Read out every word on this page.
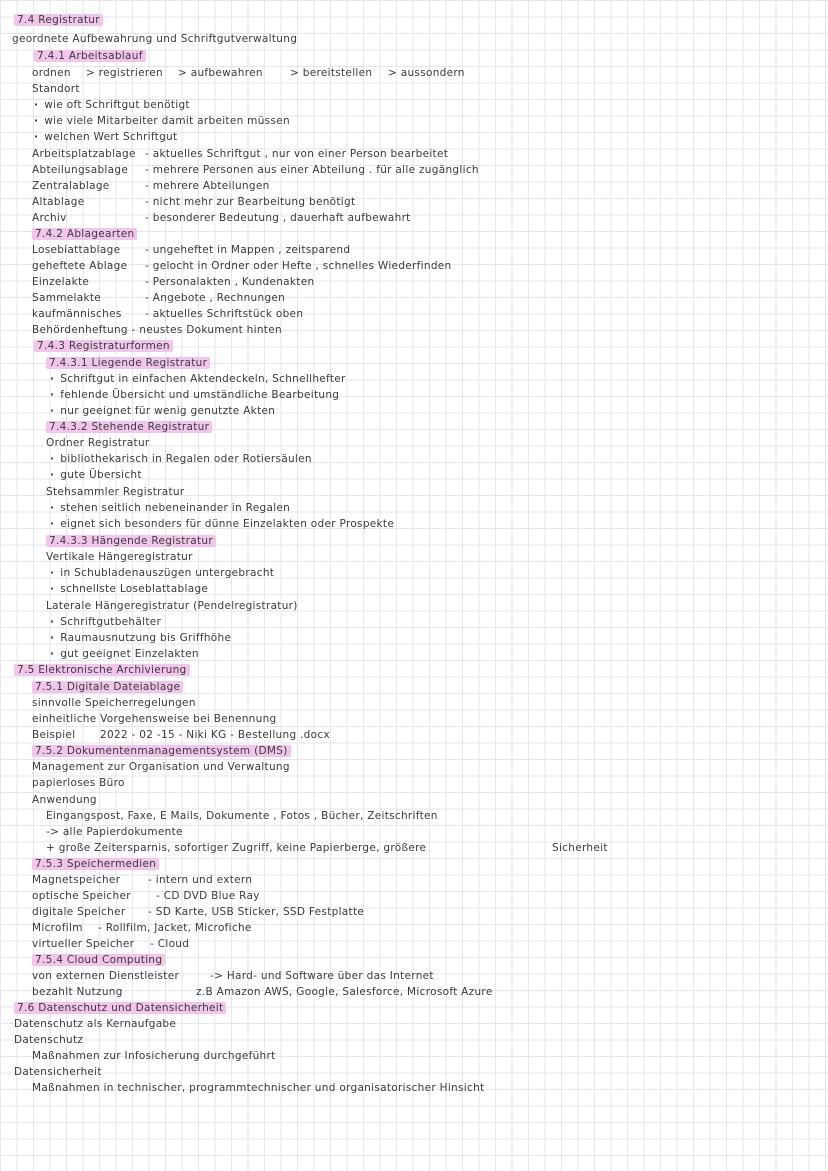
7.4 Registratur
geordnete Aufbewahrung und Schriftgutverwaltung
7.4.1 Arbeitsablauf
ordnen > registrieren > aufbewahren	> bereitstellen > aussondern
Standort
· wie oft Schriftgut benötigt
· wie viele Mitarbeiter damit arbeiten müssen
· welchen Wert Schriftgut
Arbeitsplatzablage - aktuelles Schriftgut , nur von einer Person bearbeitet
Abteilungsablage - mehrere Personen aus einer Abteilung . für alle zugänglich
Zentralablage	- mehrere Abteilungen
Altablage	- nicht mehr zur Bearbeitung benötigt
Archiv	- besonderer Bedeutung , dauerhaft aufbewahrt
7.4.2 Ablagearten
Losebiattablage - ungeheftet in Mappen , zeitsparend
geheftete Ablage - gelocht in Ordner oder Hefte , schnelles Wiederfinden
Einzelakte	- Personalakten , Kundenakten
Sammelakte	- Angebote , Rechnungen
kaufmännisches - aktuelles Schriftstück oben
Behördenheftung - neustes Dokument hinten
7.4.3 Registraturformen
7.4.3.1 Liegende Registratur
· Schriftgut in einfachen Aktendeckeln, Schnellhefter
· fehlende Übersicht und umständliche Bearbeitung
· nur geeignet für wenig genutzte Akten
7.4.3.2 Stehende Registratur
Ordner Registratur
· bibliothekarisch in Regalen oder Rotiersäulen
· gute Übersicht
Stehsammler Registratur
· stehen seitlich nebeneinander in Regalen
· eignet sich besonders für dünne Einzelakten oder Prospekte
7.4.3.3 Hängende Registratur
Vertikale Hängeregistratur
· in Schubladenauszügen untergebracht
· schnellste Loseblattablage
Laterale Hängeregistratur (Pendelregistratur)
· Schriftgutbehälter
· Raumausnutzung bis Griffhöhe
· gut geeignet Einzelakten
7.5 Elektronische Archivierung
7.5.1 Digitale Dateiablage
sinnvolle Speicherregelungen
einheitliche Vorgehensweise bei Benennung
Beispiel 2022 - 02 -15 - Niki KG - Bestellung .docx
7.5.2 Dokumentenmanagementsystem (DMS)
Management zur Organisation und Verwaltung
papierloses Büro
Anwendung
Eingangspost, Faxe, E Mails, Dokumente , Fotos , Bücher, Zeitschriften
-> alle Papierdokumente
+ große Zeitersparnis, sofortiger Zugriff, keine Papierberge, größere	Sicherheit
7.5.3 Speichermedien
Magnetspeicher	- intern und extern
optische Speicher - CD DVD Blue Ray
digitale Speicher - SD Karte, USB Sticker, SSD Festplatte
Microfilm - Rollfilm, Jacket, Microfiche
virtueller Speicher - Cloud
7.5.4 Cloud Computing
von externen Dienstleister	-> Hard- und Software über das Internet
bezahlt Nutzung	z.B Amazon AWS, Google, Salesforce, Microsoft Azure
7.6 Datenschutz und Datensicherheit
Datenschutz als Kernaufgabe
Datenschutz
Maßnahmen zur Infosicherung durchgeführt
Datensicherheit
Maßnahmen in technischer, programmtechnischer und organisatorischer Hinsicht
